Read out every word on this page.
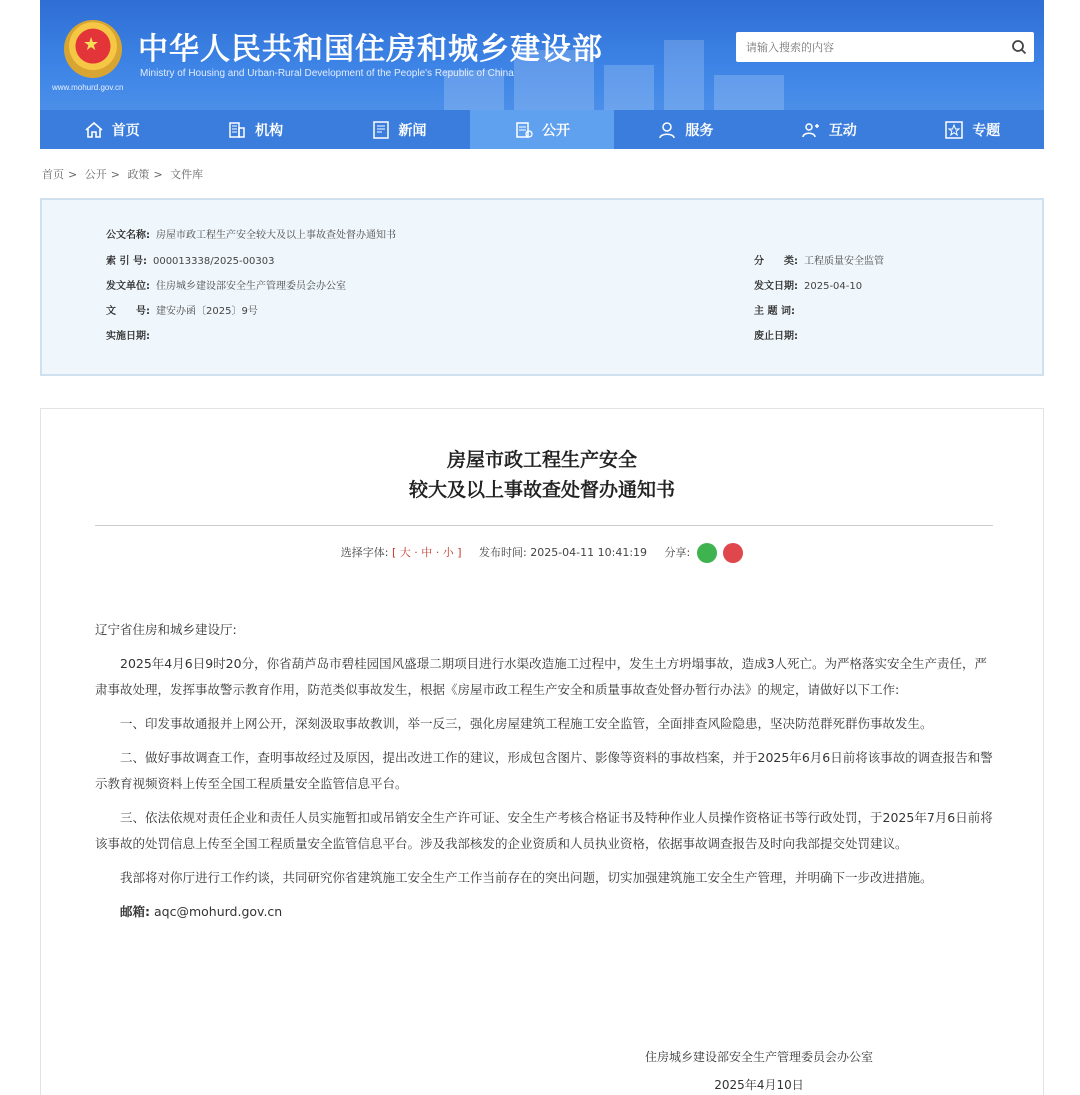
★
www.mohurd.gov.cn
中华人民共和国住房和城乡建设部
Ministry of Housing and Urban-Rural Development of the People's Republic of China
请输入搜索的内容
首页	机构	新闻	公开	服务	互动	专题
首页 > 公开 > 政策 > 文件库
公文名称: 房屋市政工程生产安全较大及以上事故查处督办通知书
索 引 号: 000013338/2025-00303
发文单位: 住房城乡建设部安全生产管理委员会办公室
文　　号: 建安办函〔2025〕9号
实施日期:
分　　类: 工程质量安全监管
发文日期: 2025-04-10
主 题 词:
废止日期:
房屋市政工程生产安全
较大及以上事故查处督办通知书
选择字体: [ 大 · 中 · 小 ] 发布时间: 2025-04-11 10:41:19 分享:

辽宁省住房和城乡建设厅:

2025年4月6日9时20分，你省葫芦岛市碧桂园国风盛璟二期项目进行水渠改造施工过程中，发生土方坍塌事故，造成3人死亡。为严格落实安全生产责任，严肃事故处理，发挥事故警示教育作用，防范类似事故发生，根据《房屋市政工程生产安全和质量事故查处督办暂行办法》的规定，请做好以下工作:

一、印发事故通报并上网公开，深刻汲取事故教训，举一反三，强化房屋建筑工程施工安全监管，全面排查风险隐患，坚决防范群死群伤事故发生。

二、做好事故调查工作，查明事故经过及原因，提出改进工作的建议，形成包含图片、影像等资料的事故档案，并于2025年6月6日前将该事故的调查报告和警示教育视频资料上传至全国工程质量安全监管信息平台。

三、依法依规对责任企业和责任人员实施暂扣或吊销安全生产许可证、安全生产考核合格证书及特种作业人员操作资格证书等行政处罚，于2025年7月6日前将该事故的处罚信息上传至全国工程质量安全监管信息平台。涉及我部核发的企业资质和人员执业资格，依据事故调查报告及时向我部提交处罚建议。

我部将对你厅进行工作约谈，共同研究你省建筑施工安全生产工作当前存在的突出问题，切实加强建筑施工安全生产管理，并明确下一步改进措施。

邮箱: aqc@mohurd.gov.cn

住房城乡建设部安全生产管理委员会办公室
2025年4月10日
